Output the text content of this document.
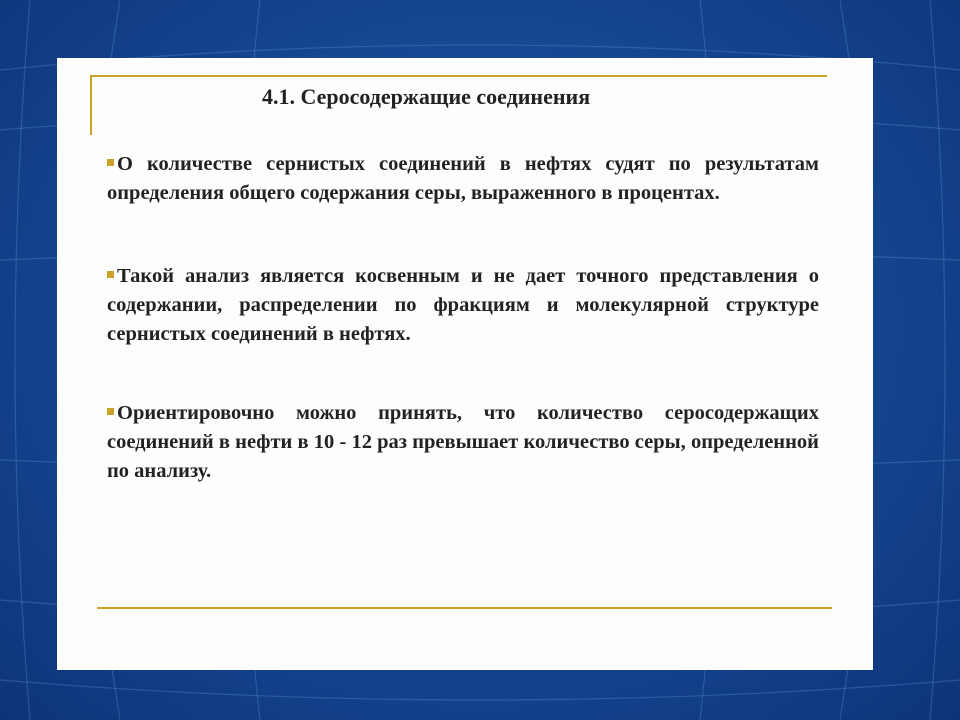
4.1. Серосодержащие соединения

О количестве сернистых соединений в нефтях судят по результатам определения общего содержания серы, выраженного в процентах.

Такой анализ является косвенным и не дает точного представления о содержании, распределении по фракциям и молекулярной структуре сернистых соединений в нефтях.

Ориентировочно можно принять, что количество серосодержащих соединений в нефти в 10 - 12 раз превышает количество серы, определенной по анализу.
